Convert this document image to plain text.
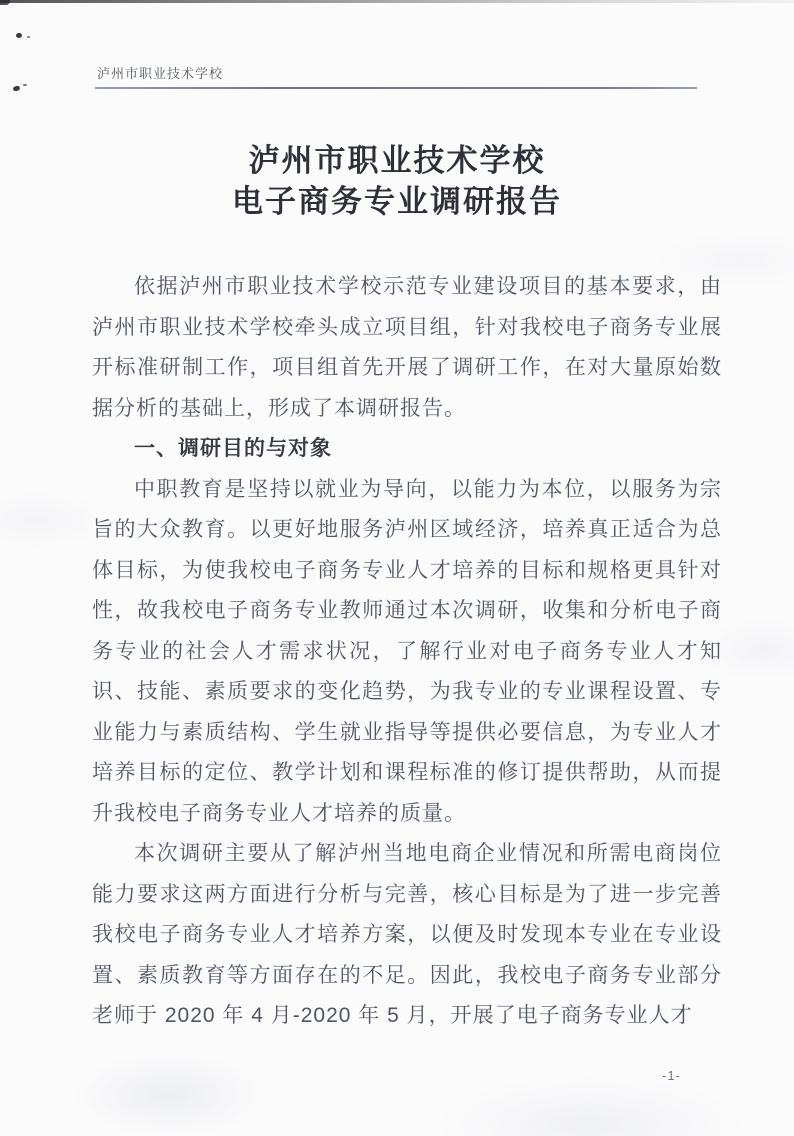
泸州市职业技术学校
泸州市职业技术学校
电子商务专业调研报告

依据泸州市职业技术学校示范专业建设项目的基本要求，由泸州市职业技术学校牵头成立项目组，针对我校电子商务专业展开标准研制工作，项目组首先开展了调研工作，在对大量原始数据分析的基础上，形成了本调研报告。

一、调研目的与对象

中职教育是坚持以就业为导向，以能力为本位，以服务为宗旨的大众教育。以更好地服务泸州区域经济，培养真正适合为总体目标，为使我校电子商务专业人才培养的目标和规格更具针对性，故我校电子商务专业教师通过本次调研，收集和分析电子商务专业的社会人才需求状况，了解行业对电子商务专业人才知识、技能、素质要求的变化趋势，为我专业的专业课程设置、专业能力与素质结构、学生就业指导等提供必要信息，为专业人才培养目标的定位、教学计划和课程标准的修订提供帮助，从而提升我校电子商务专业人才培养的质量。

本次调研主要从了解泸州当地电商企业情况和所需电商岗位能力要求这两方面进行分析与完善，核心目标是为了进一步完善我校电子商务专业人才培养方案，以便及时发现本专业在专业设置、素质教育等方面存在的不足。因此，我校电子商务专业部分老师于 2020 年 4 月-2020 年 5 月，开展了电子商务专业人才

-1-
